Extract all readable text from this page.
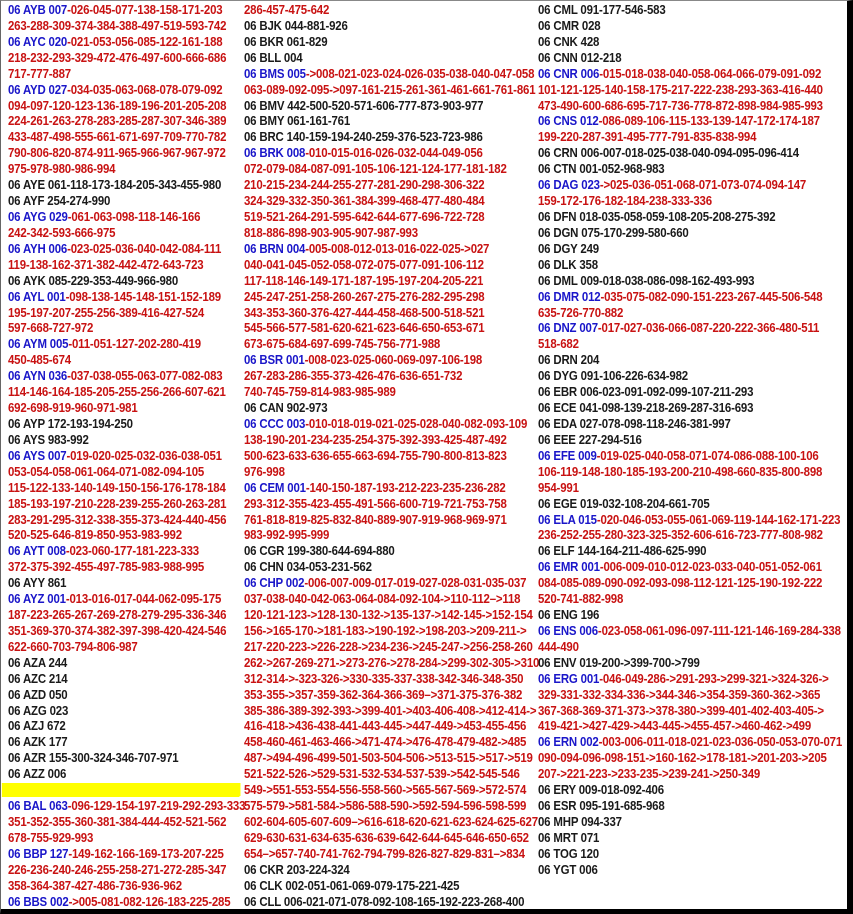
06 AYB 007-026-045-077-138-158-171-203
263-288-309-374-384-388-497-519-593-742
06 AYC 020-021-053-056-085-122-161-188
218-232-293-329-472-476-497-600-666-686
717-777-887
06 AYD 027-034-035-063-068-078-079-092
094-097-120-123-136-189-196-201-205-208
224-261-263-278-283-285-287-307-346-389
433-487-498-555-661-671-697-709-770-782
790-806-820-874-911-965-966-967-967-972
975-978-980-986-994
06 AYE 061-118-173-184-205-343-455-980
06 AYF 254-274-990
06 AYG 029-061-063-098-118-146-166
242-342-593-666-975
06 AYH 006-023-025-036-040-042-084-111
119-138-162-371-382-442-472-643-723
06 AYK 085-229-353-449-966-980
06 AYL 001-098-138-145-148-151-152-189
195-197-207-255-256-389-416-427-524
597-668-727-972
06 AYM 005-011-051-127-202-280-419
450-485-674
06 AYN 036-037-038-055-063-077-082-083
114-146-164-185-205-255-256-266-607-621
692-698-919-960-971-981
06 AYP 172-193-194-250
06 AYS 983-992
06 AYS 007-019-020-025-032-036-038-051
053-054-058-061-064-071-082-094-105
115-122-133-140-149-150-156-176-178-184
185-193-197-210-228-239-255-260-263-281
283-291-295-312-338-355-373-424-440-456
520-525-646-819-850-953-983-992
06 AYT 008-023-060-177-181-223-333
372-375-392-455-497-785-983-988-995
06 AYY 861
06 AYZ 001-013-016-017-044-062-095-175
187-223-265-267-269-278-279-295-336-346
351-369-370-374-382-397-398-420-424-546
622-660-703-794-806-987
06 AZA 244
06 AZC 214
06 AZD 050
06 AZG 023
06 AZJ 672
06 AZK 177
06 AZR 155-300-324-346-707-971
06 AZZ 006
06 BAL 063-096-129-154-197-219-292-293-333
351-352-355-360-381-384-444-452-521-562
678-755-929-993
06 BBP 127-149-162-166-169-173-207-225
226-236-240-246-255-258-271-272-285-347
358-364-387-427-486-736-936-962
06 BBS 002->005-081-082-126-183-225-285
286-457-475-642
06 BJK 044-881-926
06 BKR 061-829
06 BLL 004
06 BMS 005->008-021-023-024-026-035-038-040-047-058
063-089-092-095->097-161-215-261-361-461-661-761-861
06 BMV 442-500-520-571-606-777-873-903-977
06 BMY 061-161-761
06 BRC 140-159-194-240-259-376-523-723-986
06 BRK 008-010-015-016-026-032-044-049-056
072-079-084-087-091-105-106-121-124-177-181-182
210-215-234-244-255-277-281-290-298-306-322
324-329-332-350-361-384-399-468-477-480-484
519-521-264-291-595-642-644-677-696-722-728
818-886-898-903-905-907-987-993
06 BRN 004-005-008-012-013-016-022-025->027
040-041-045-052-058-072-075-077-091-106-112
117-118-146-149-171-187-195-197-204-205-221
245-247-251-258-260-267-275-276-282-295-298
343-353-360-376-427-444-458-468-500-518-521
545-566-577-581-620-621-623-646-650-653-671
673-675-684-697-699-745-756-771-988
06 BSR 001-008-023-025-060-069-097-106-198
267-283-286-355-373-426-476-636-651-732
740-745-759-814-983-985-989
06 CAN 902-973
06 CCC 003-010-018-019-021-025-028-040-082-093-109
138-190-201-234-235-254-375-392-393-425-487-492
500-623-633-636-655-663-694-755-790-800-813-823
976-998
06 CEM 001-140-150-187-193-212-223-235-236-282
293-312-355-423-455-491-566-600-719-721-753-758
761-818-819-825-832-840-889-907-919-968-969-971
983-992-995-999
06 CGR 199-380-644-694-880
06 CHN 034-053-231-562
06 CHP 002-006-007-009-017-019-027-028-031-035-037
037-038-040-042-063-064-084-092-104->110-112–>118
120-121-123->128-130-132->135-137->142-145->152-154
156->165-170->181-183->190-192->198-203->209-211->
217-220-223->226-228->234-236->245-247->256-258-260
262->267-269-271->273-276->278-284->299-302-305->310
312-314->-323-326->330-335-337-338-342-346-348-350
353-355->357-359-362-364-366-369–>371-375-376-382
385-386-389-392-393->399-401->403-406-408->412-414->
416-418->436-438-441-443-445->447-449->453-455-456
458-460-461-463-466->471-474->476-478-479-482->485
487->494-496-499-501-503-504-506->513-515->517->519
521-522-526->529-531-532-534-537-539->542-545-546
549->551-553-554-556-558-560->565-567-569->572-574
575-579->581-584->586-588-590->592-594-596-598-599
602-604-605-607-609–>616-618-620-621-623-624-625-627
629-630-631-634-635-636-639-642-644-645-646-650-652
654–>657-740-741-762-794-799-826-827-829-831–>834
06 CKR 203-224-324
06 CLK 002-051-061-069-079-175-221-425
06 CLL 006-021-071-078-092-108-165-192-223-268-400
06 CML 091-177-546-583
06 CMR 028
06 CNK 428
06 CNN 012-218
06 CNR 006-015-018-038-040-058-064-066-079-091-092
101-121-125-140-158-175-217-222-238-293-363-416-440
473-490-600-686-695-717-736-778-872-898-984-985-993
06 CNS 012-086-089-106-115-133-139-147-172-174-187
199-220-287-391-495-777-791-835-838-994
06 CRN 006-007-018-025-038-040-094-095-096-414
06 CTN 001-052-968-983
06 DAG 023->025-036-051-068-071-073-074-094-147
159-172-176-182-184-238-333-336
06 DFN 018-035-058-059-108-205-208-275-392
06 DGN 075-170-299-580-660
06 DGY 249
06 DLK 358
06 DML 009-018-038-086-098-162-493-993
06 DMR 012-035-075-082-090-151-223-267-445-506-548
635-726-770-882
06 DNZ 007-017-027-036-066-087-220-222-366-480-511
518-682
06 DRN 204
06 DYG 091-106-226-634-982
06 EBR 006-023-091-092-099-107-211-293
06 ECE 041-098-139-218-269-287-316-693
06 EDA 027-078-098-118-246-381-997
06 EEE 227-294-516
06 EFE 009-019-025-040-058-071-074-086-088-100-106
106-119-148-180-185-193-200-210-498-660-835-800-898
954-991
06 EGE 019-032-108-204-661-705
06 ELA 015-020-046-053-055-061-069-119-144-162-171-223
236-252-255-280-323-325-352-606-616-723-777-808-982
06 ELF 144-164-211-486-625-990
06 EMR 001-006-009-010-012-023-033-040-051-052-061
084-085-089-090-092-093-098-112-121-125-190-192-222
520-741-882-998
06 ENG 196
06 ENS 006-023-058-061-096-097-111-121-146-169-284-338
444-490
06 ENV 019-200->399-700->799
06 ERG 001-046-049-286->291-293->299-321->324-326->
329-331-332-334-336->344-346->354-359-360-362->365
367-368-369-371-373->378-380->399-401-402-403-405->
419-421->427-429->443-445->455-457->460-462->499
06 ERN 002-003-006-011-018-021-023-036-050-053-070-071
090-094-096-098-151->160-162->178-181->201-203->205
207->221-223->233-235->239-241->250-349
06 ERY 009-018-092-406
06 ESR 095-191-685-968
06 MHP 094-337
06 MRT 071
06 TOG 120
06 YGT 006
